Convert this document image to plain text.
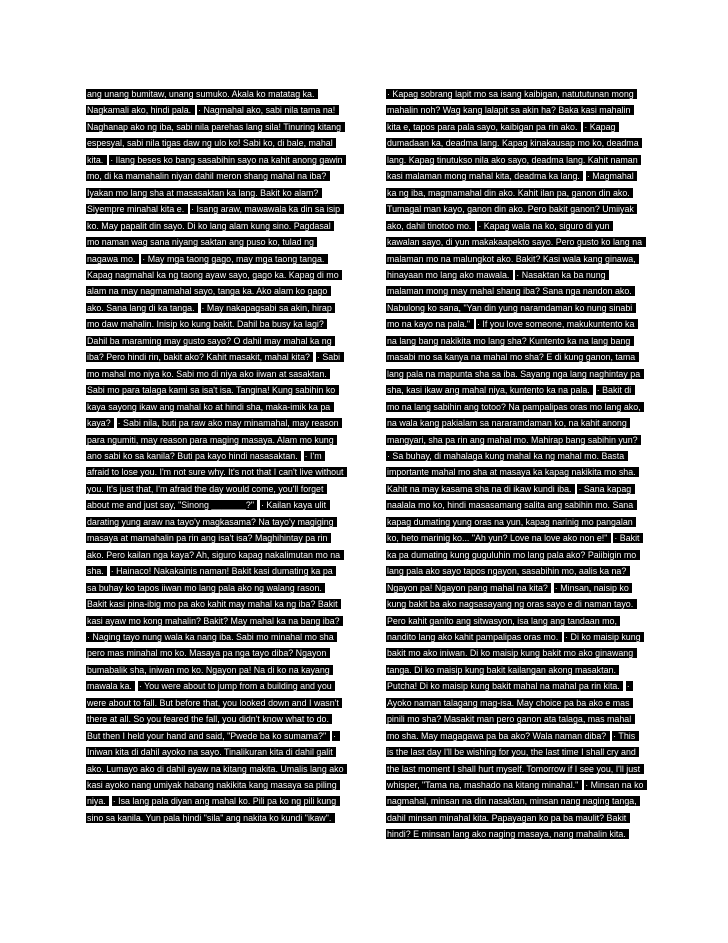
ang unang bumitaw, unang sumuko. Akala ko matatag ka. Nagkamali ako, hindi pala.  · Nagmahal ako, sabi nila tama na! Naghanap ako ng iba, sabi nila parehas lang sila! Tinuring kitang espesyal, sabi nila tigas daw ng ulo ko! Sabi ko, di bale, mahal kita.  · Ilang beses ko bang sasabihin sayo na kahit anong gawin mo, di ka mamahalin niyan dahil meron shang mahal na iba? Iyakan mo lang sha at masasaktan ka lang. Bakit ko alam? Siyempre minahal kita e.  · Isang araw, mawawala ka din sa isip ko. May papalit din sayo. Di ko lang alam kung sino. Pagdasal mo naman wag sana niyang saktan ang puso ko, tulad ng nagawa mo.  · May mga taong gago, may mga taong tanga. Kapag nagmahal ka ng taong ayaw sayo, gago ka. Kapag di mo alam na may nagmamahal sayo, tanga ka. Ako alam ko gago ako. Sana lang di ka tanga.  · May nakapagsabi sa akin, hirap mo daw mahalin. Inisip ko kung bakit. Dahil ba busy ka lagi? Dahil ba maraming may gusto sayo? O dahil may mahal ka ng iba? Pero hindi rin, bakit ako? Kahit masakit, mahal kita?  · Sabi mo mahal mo niya ko. Sabi mo di niya ako iiwan at sasaktan. Sabi mo para talaga kami sa isa't isa. Tangina! Kung sabihin ko kaya sayong ikaw ang mahal ko at hindi sha, maka-imik ka pa kaya?  · Sabi nila, buti pa raw ako may minamahal, may reason para ngumiti, may reason para maging masaya. Alam mo kung ano sabi ko sa kanila? Buti pa kayo hindi nasasaktan.  · I'm afraid to lose you. I'm not sure why. It's not that I can't live without you. It's just that, I'm afraid the day would come, you'll forget about me and just say, "Sinong _______?"  · Kailan kaya ulit darating yung araw na tayo'y magkasama? Na tayo'y magiging masaya at mamahalin pa rin ang isa't isa? Maghihintay pa rin ako. Pero kailan nga kaya? Ah, siguro kapag nakalimutan mo na sha.  · Hainaco! Nakakainis naman! Bakit kasi dumating ka pa sa buhay ko tapos iiwan mo lang pala ako ng walang rason. Bakit kasi pina-ibig mo pa ako kahit may mahal ka ng iba? Bakit kasi ayaw mo kong mahalin? Bakit? May mahal ka na bang iba?  · Naging tayo nung wala ka nang iba. Sabi mo minahal mo sha pero mas minahal mo ko. Masaya pa nga tayo diba? Ngayon bumabalik sha, iniwan mo ko. Ngayon pa! Na di ko na kayang mawala ka.  · You were about to jump from a building and you were about to fall. But before that, you looked down and I wasn't there at all. So you feared the fall, you didn't know what to do. But then I held your hand and said, "Pwede ba ko sumama?"  · Iniwan kita di dahil ayoko na sayo. Tinalikuran kita di dahil galit ako. Lumayo ako di dahil ayaw na kitang makita. Umalis lang ako kasi ayoko nang umiyak habang nakikita kang masaya sa piling niya.  · Isa lang pala diyan ang mahal ko. Pili pa ko ng pili kung sino sa kanila. Yun pala hindi "sila" ang nakita ko kundi "ikaw".
· Kapag sobrang lapit mo sa isang kaibigan, natututunan mong mahalin noh? Wag kang lalapit sa akin ha? Baka kasi mahalin kita e, tapos para pala sayo, kaibigan pa rin ako.  · Kapag dumadaan ka, deadma lang. Kapag kinakausap mo ko, deadma lang. Kapag tinutukso nila ako sayo, deadma lang. Kahit naman kasi malaman mong mahal kita, deadma ka lang.  · Magmahal ka ng iba, magmamahal din ako. Kahit ilan pa, ganon din ako. Tumagal man kayo, ganon din ako. Pero bakit ganon? Umiiyak ako, dahil tinotoo mo.  · Kapag wala na ko, siguro di yun kawalan sayo, di yun makakaapekto sayo. Pero gusto ko lang na malaman mo na malungkot ako. Bakit? Kasi wala kang ginawa, hinayaan mo lang ako mawala.  · Nasaktan ka ba nung malaman mong may mahal shang iba? Sana nga nandon ako. Nabulong ko sana, "Yan din yung naramdaman ko nung sinabi mo na kayo na pala."  · If you love someone, makukuntento ka na lang bang nakikita mo lang sha? Kuntento ka na lang bang masabi mo sa kanya na mahal mo sha? E di kung ganon, tama lang pala na mapunta sha sa iba. Sayang nga lang naghintay pa sha, kasi ikaw ang mahal niya, kuntento ka na pala.  · Bakit di mo na lang sabihin ang totoo? Na pampalipas oras mo lang ako, na wala kang pakialam sa nararamdaman ko, na kahit anong mangyari, sha pa rin ang mahal mo. Mahirap bang sabihin yun?  · Sa buhay, di mahalaga kung mahal ka ng mahal mo. Basta importante mahal mo sha at masaya ka kapag nakikita mo sha. Kahit na may kasama sha na di ikaw kundi iba.  · Sana kapag naalala mo ko, hindi masasamang salita ang sabihin mo. Sana kapag dumating yung oras na yun, kapag narinig mo pangalan ko, heto marinig ko... "Ah yun? Love na love ako non e!"  · Bakit ka pa dumating kung guguluhin mo lang pala ako? Paiibigin mo lang pala ako sayo tapos ngayon, sasabihin mo, aalis ka na? Ngayon pa! Ngayon pang mahal na kita?  · Minsan, naisip ko kung bakit ba ako nagsasayang ng oras sayo e di naman tayo. Pero kahit ganito ang sitwasyon, isa lang ang tandaan mo, nandito lang ako kahit pampalipas oras mo.  · Di ko maisip kung bakit mo ako iniwan. Di ko maisip kung bakit mo ako ginawang tanga. Di ko maisip kung bakit kailangan akong masaktan. Putcha! Di ko maisip kung bakit mahal na mahal pa rin kita.  · Ayoko naman talagang mag-isa. May choice pa ba ako e mas pinili mo sha? Masakit man pero ganon ata talaga, mas mahal mo sha. May magagawa pa ba ako? Wala naman diba?  · This is the last day I'll be wishing for you, the last time I shall cry and the last moment I shall hurt myself. Tomorrow if I see you, I'll just whisper, "Tama na, mashado na kitang minahal."  · Minsan na ko nagmahal, minsan na din nasaktan, minsan nang naging tanga, dahil minsan minahal kita. Papayagan ko pa ba maulit? Bakit hindi? E minsan lang ako naging masaya, nang mahalin kita.
